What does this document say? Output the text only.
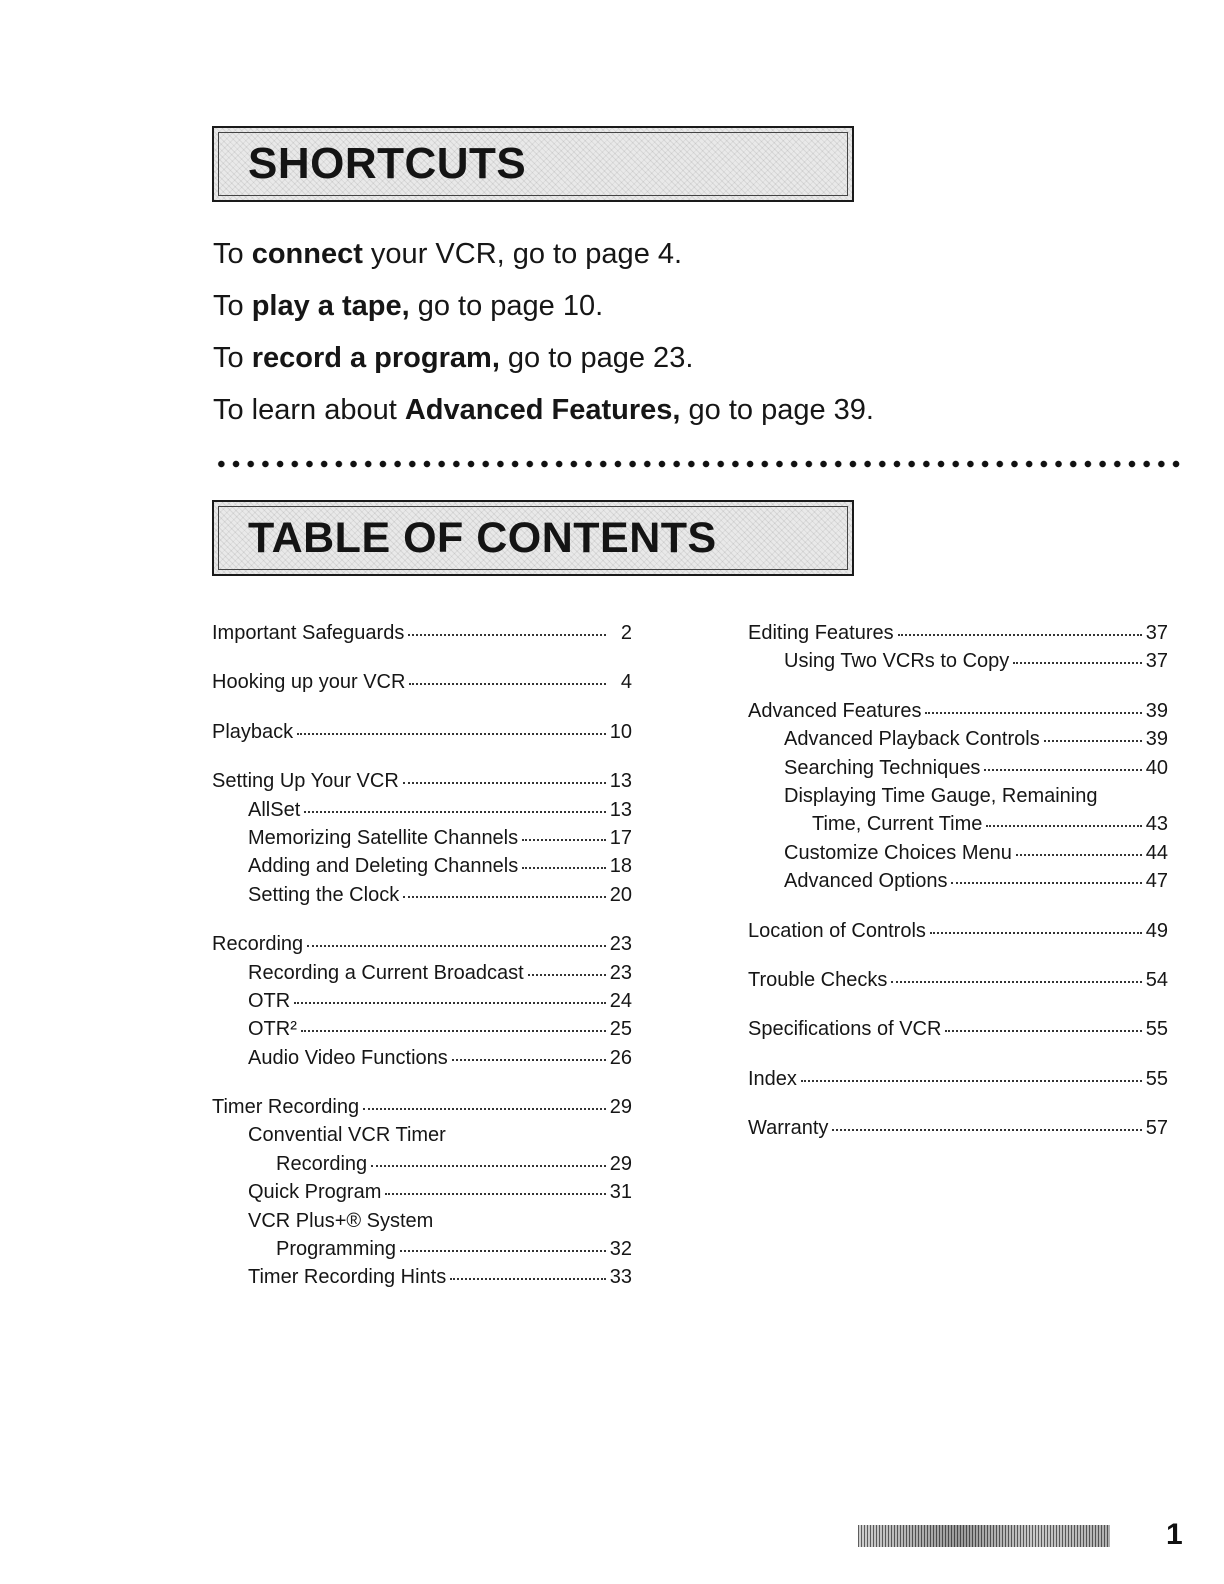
SHORTCUTS
To connect your VCR, go to page 4.
To play a tape, go to page 10.
To record a program, go to page 23.
To learn about Advanced Features, go to page 39.
TABLE OF CONTENTS
Important Safeguards	2
Hooking up your VCR	4
Playback	10
Setting Up Your VCR	13
AllSet	13
Memorizing Satellite Channels	17
Adding and Deleting Channels	18
Setting the Clock	20
Recording	23
Recording a Current Broadcast	23
OTR	24
OTR²	25
Audio Video Functions	26
Timer Recording	29
Convential VCR Timer
Recording	29
Quick Program	31
VCR Plus+® System
Programming	32
Timer Recording Hints	33
Editing Features	37
Using Two VCRs to Copy	37
Advanced Features	39
Advanced Playback Controls	39
Searching Techniques	40
Displaying Time Gauge, Remaining
Time, Current Time	43
Customize Choices Menu	44
Advanced Options	47
Location of Controls	49
Trouble Checks	54
Specifications of VCR	55
Index	55
Warranty	57
1
